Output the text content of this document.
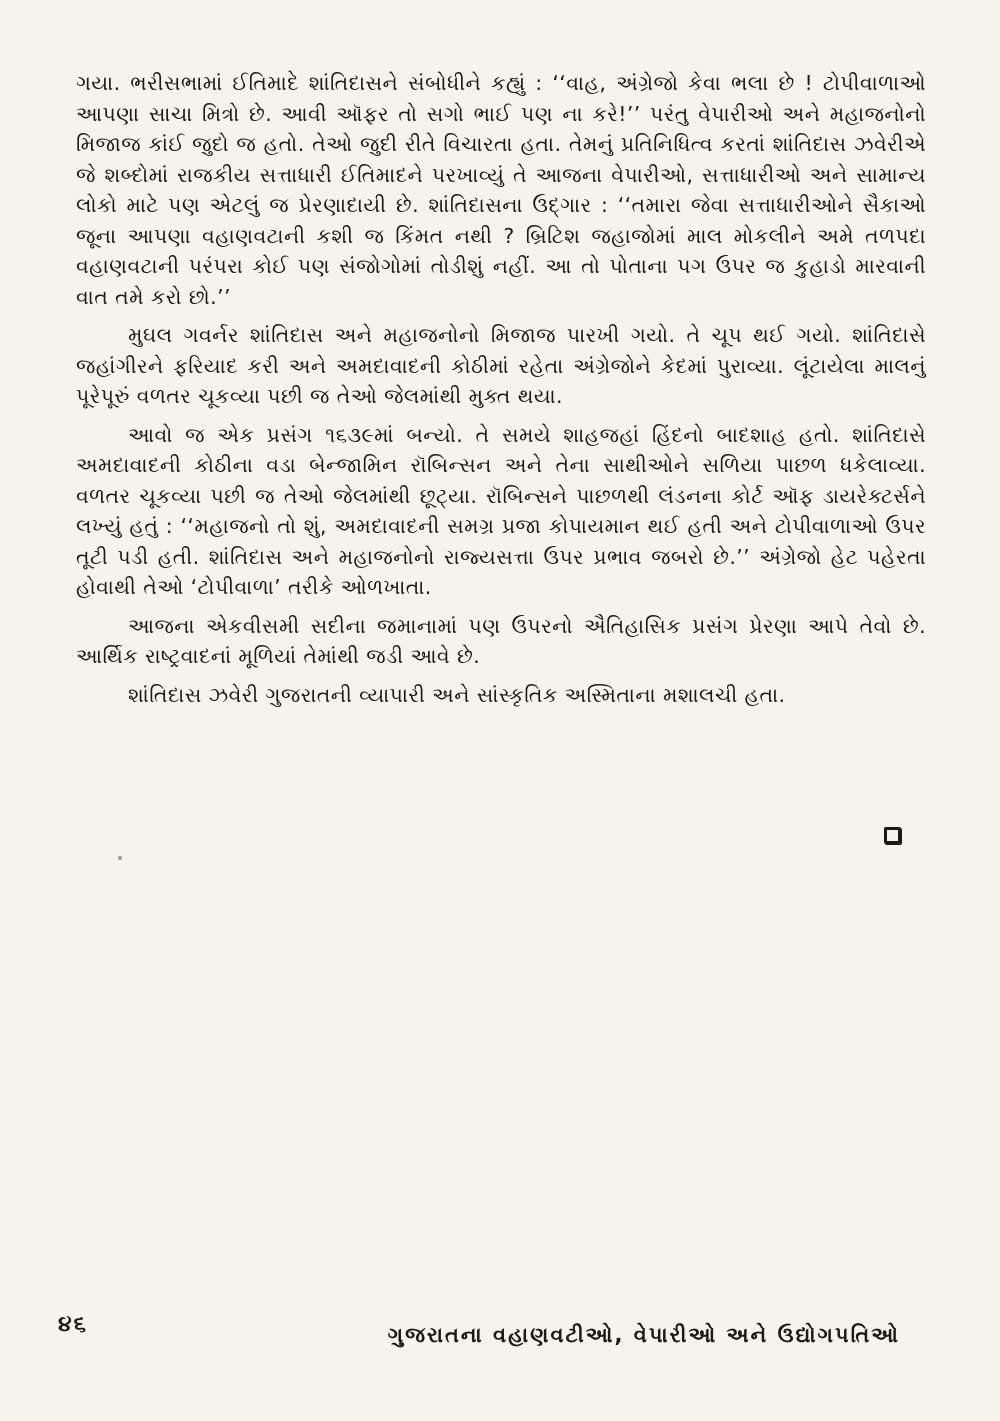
ગયા. ભરીસભામાં ઈતિમાદે શાંતિદાસને સંબોધીને કહ્યું : ‘‘વાહ, અંગ્રેજો કેવા ભલા છે ! ટોપીવાળાઓ આપણા સાચા મિત્રો છે. આવી ઑફર તો સગો ભાઈ પણ ના કરે!’’ પરંતુ વેપારીઓ અને મહાજનોનો મિજાજ કાંઈ જુદો જ હતો. તેઓ જુદી રીતે વિચારતા હતા. તેમનું પ્રતિનિધિત્વ કરતાં શાંતિદાસ ઝવેરીએ જે શબ્દોમાં રાજકીય સત્તાધારી ઈતિમાદને પરખાવ્યું તે આજના વેપારીઓ, સત્તાધારીઓ અને સામાન્ય લોકો માટે પણ એટલું જ પ્રેરણાદાયી છે. શાંતિદાસના ઉદ્ગાર : ‘‘તમારા જેવા સત્તાધારીઓને સૈકાઓ જૂના આપણા વહાણવટાની કશી જ કિંમત નથી ? બ્રિટિશ જહાજોમાં માલ મોકલીને અમે તળપદા વહાણવટાની પરંપરા કોઈ પણ સંજોગોમાં તોડીશું નહીં. આ તો પોતાના પગ ઉપર જ કુહાડો મારવાની વાત તમે કરો છો.’’

મુઘલ ગવર્નર શાંતિદાસ અને મહાજનોનો મિજાજ પારખી ગયો. તે ચૂપ થઈ ગયો. શાંતિદાસે જહાંગીરને ફરિયાદ કરી અને અમદાવાદની કોઠીમાં રહેતા અંગ્રેજોને કેદમાં પુરાવ્યા. લૂંટાયેલા માલનું પૂરેપૂરું વળતર ચૂકવ્યા પછી જ તેઓ જેલમાંથી મુક્ત થયા.

આવો જ એક પ્રસંગ ૧૬૩૯માં બન્યો. તે સમયે શાહજહાં હિંદનો બાદશાહ હતો. શાંતિદાસે અમદાવાદની કોઠીના વડા બેન્જામિન રૉબિન્સન અને તેના સાથીઓને સળિયા પાછળ ધકેલાવ્યા. વળતર ચૂકવ્યા પછી જ તેઓ જેલમાંથી છૂટ્યા. રૉબિન્સને પાછળથી લંડનના કોર્ટ ઑફ ડાયરેક્ટર્સને લખ્યું હતું : ‘‘મહાજનો તો શું, અમદાવાદની સમગ્ર પ્રજા કોપાયમાન થઈ હતી અને ટોપીવાળાઓ ઉપર તૂટી પડી હતી. શાંતિદાસ અને મહાજનોનો રાજ્યસત્તા ઉપર પ્રભાવ જબરો છે.’’ અંગ્રેજો હેટ પહેરતા હોવાથી તેઓ ‘ટોપીવાળા’ તરીકે ઓળખાતા.

આજના એકવીસમી સદીના જમાનામાં પણ ઉપરનો ઐતિહાસિક પ્રસંગ પ્રેરણા આપે તેવો છે. આર્થિક રાષ્ટ્રવાદનાં મૂળિયાં તેમાંથી જડી આવે છે.

શાંતિદાસ ઝવેરી ગુજરાતની વ્યાપારી અને સાંસ્કૃતિક અસ્મિતાના મશાલચી હતા.

૪૬	ગુજરાતના વહાણવટીઓ, વેપારીઓ અને ઉદ્યોગપતિઓ
